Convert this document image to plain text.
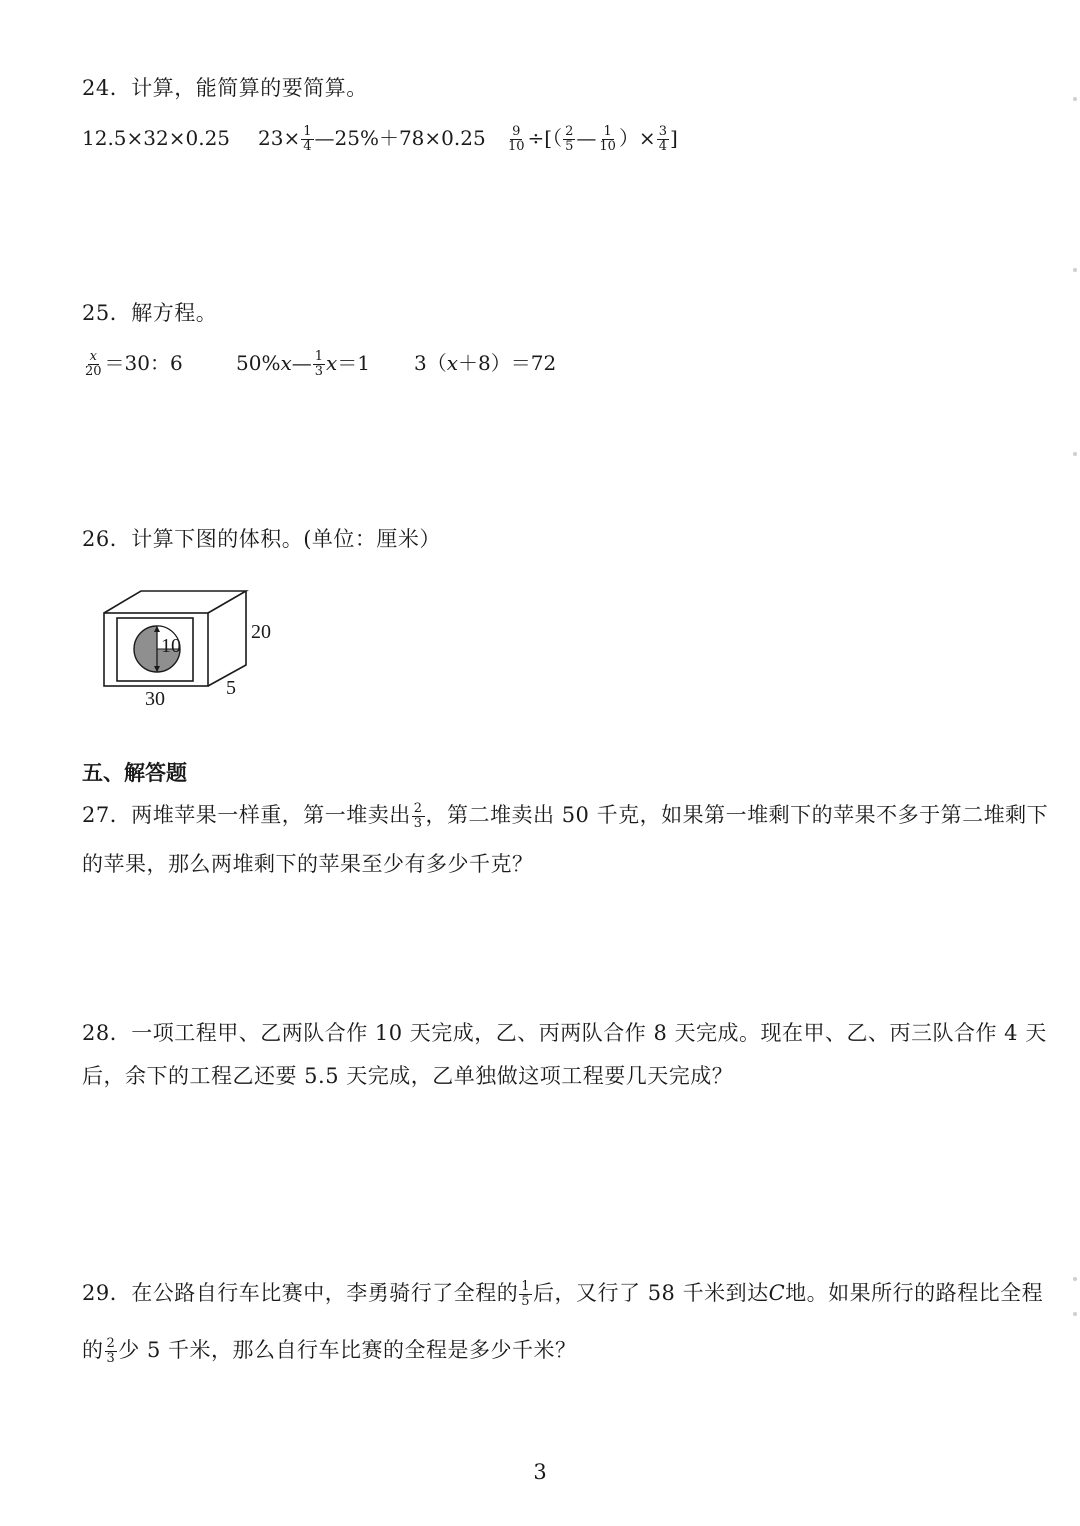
24．计算，能简算的要简算。
12.5×32×0.25 $23\times \frac{1}{4}$ —25%＋78×0.25 $\frac{9}{10}$ ÷[（ $\frac{2}{5}$ — $\frac{1}{10}$ ）× $\frac{3}{4}$ ]
25．解方程。
$\frac{x}{20} =30$：6	50%x— $\frac{1}{3} x=1$ 3（x＋8）＝72
26．计算下图的体积。(单位：厘米）
10
20
30	5
五、解答题
27．两堆苹果一样重，第一堆卖出 $\frac{2}{3}$ ，第二堆卖出 50 千克，如果第一堆剩下的苹果不多于第二堆剩下
的苹果，那么两堆剩下的苹果至少有多少千克？
28．一项工程甲、乙两队合作 10 天完成，乙、丙两队合作 8 天完成。现在甲、乙、丙三队合作 4 天
后，余下的工程乙还要 5.5 天完成，乙单独做这项工程要几天完成？
29．在公路自行车比赛中，李勇骑行了全程的 $\frac{1}{5}$ 后，又行了 58 千米到达C地。如果所行的路程比全程
的 $\frac{2}{3}$ 少 5 千米，那么自行车比赛的全程是多少千米？
3
